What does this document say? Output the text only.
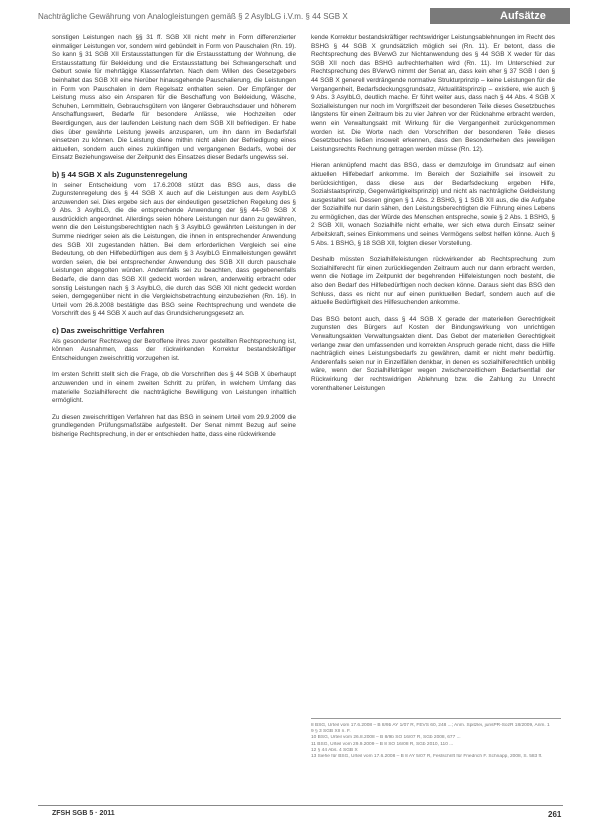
Nachträgliche Gewährung von Analogleistungen gemäß § 2 AsylbLG i.V.m. § 44 SGB X	Aufsätze

sonstigen Leistungen nach §§ 31 ff. SGB XII nicht mehr in Form differenzierter einmaliger Leistungen vor, sondern wird gebündelt in Form von Pauschalen (Rn. 19). So kann § 31 SGB XII Erstausstattungen für die Erstausstattung der Wohnung, die Erstausstattung für Bekleidung und die Erstausstattung bei Schwangerschaft und Geburt sowie für mehrtägige Klassenfahrten. Nach dem Willen des Gesetzgebers beinhaltet das SGB XII eine hierüber hinausgehende Pauschalierung, die Leistungen in Form von Pauschalen in dem Regelsatz enthalten seien. Der Empfänger der Leistung muss also ein Ansparen für die Beschaffung von Bekleidung, Wäsche, Schuhen, Lernmitteln, Gebrauchsgütern von längerer Gebrauchsdauer und höherem Anschaffungswert, Bedarfe für besondere Anlässe, wie Hochzeiten oder Beerdigungen, aus der laufenden Leistung nach dem SGB XII befriedigen. Er habe dies über gewährte Leistung jeweils anzusparen, um ihn dann im Bedarfsfall einsetzen zu können. Die Leistung diene mithin nicht allein der Befriedigung eines aktuellen, sondern auch eines zukünftigen und vergangenen Bedarfs, wobei der Einsatz Beziehungsweise der Zeitpunkt des Einsatzes dieser Bedarfs ungewiss sei.

b) § 44 SGB X als Zugunstenregelung

In seiner Entscheidung vom 17.6.2008 stützt das BSG aus, dass die Zugunstenregelung des § 44 SGB X auch auf die Leistungen aus dem AsylbLG anzuwenden sei. Dies ergebe sich aus der eindeutigen gesetzlichen Regelung des § 9 Abs. 3 AsylbLG, die die entsprechende Anwendung der §§ 44–50 SGB X ausdrücklich angeordnet. Allerdings seien höhere Leistungen nur dann zu gewähren, wenn die den Leistungsberechtigten nach § 3 AsylbLG gewährten Leistungen in der Summe niedriger seien als die Leistungen, die ihnen in entsprechender Anwendung des SGB XII zugestanden hätten. Bei dem erforderlichen Vergleich sei eine Bedeutung, ob den Hilfebedürftigen aus dem § 3 AsylbLG Einmalleistungen gewährt worden seien, die bei entsprechender Anwendung des SGB XII durch pauschale Leistungen abgegolten würden. Andernfalls sei zu beachten, dass gegebenenfalls Bedarfe, die dann das SGB XII gedeckt worden wären, anderweitig erbracht oder sonstig Leistungen nach § 3 AsylbLG, die durch das SGB XII nicht gedeckt worden seien, demgegenüber nicht in die Vergleichsbetrachtung einzubeziehen (Rn. 16). In Urteil vom 26.8.2008 bestätigte das BSG seine Rechtsprechung und wendete die Vorschrift des § 44 SGB X auch auf das Grundsicherungsgesetz an.

c) Das zweischrittige Verfahren

Als gesonderter Rechtsweg der Betroffene ihres zuvor gestellten Rechtsprechung ist, können Ausnahmen, dass der rückwirkenden Korrektur bestandskräftiger Entscheidungen zweischrittig vorzugehen ist.

Im ersten Schritt stellt sich die Frage, ob die Vorschriften des § 44 SGB X überhaupt anzuwenden und in einem zweiten Schritt zu prüfen, in welchem Umfang das materielle Sozialhilferecht die nachträgliche Bewilligung von Leistungen inhaltlich ermöglicht.

Zu diesen zweischrittigen Verfahren hat das BSG in seinem Urteil vom 29.9.2009 die grundlegenden Prüfungsmaßstäbe aufgestellt. Der Senat nimmt Bezug auf seine bisherige Rechtsprechung, in der er entschieden hatte, dass eine rückwirkende

kende Korrektur bestandskräftiger rechtswidriger Leistungsablehnungen im Recht des BSHG § 44 SGB X grundsätzlich möglich sei (Rn. 11). Er betont, dass die Rechtsprechung des BVerwG zur Nichtanwendung des § 44 SGB X weder für das SGB XII noch das BSHG aufrechterhalten wird (Rn. 11). Im Unterschied zur Rechtsprechung des BVerwG nimmt der Senat an, dass kein eher § 37 SGB I den § 44 SGB X generell verdrängende normative Strukturprinzip – keine Leistungen für die Vergangenheit, Bedarfsdeckungsgrundsatz, Aktualitätsprinzip – existiere, wie auch § 9 Abs. 3 AsylbLG, deutlich mache. Er führt weiter aus, dass nach § 44 Abs. 4 SGB X Sozialleistungen nur noch im Vorgriffszeit der besonderen Teile dieses Gesetzbuches längstens für einen Zeitraum bis zu vier Jahren vor der Rücknahme erbracht werden, wenn ein Verwaltungsakt mit Wirkung für die Vergangenheit zurückgenommen worden ist. Die Worte nach den Vorschriften der besonderen Teile dieses Gesetzbuches ließen insoweit erkennen, dass den Besonderheiten des jeweiligen Leistungsrechts Rechnung getragen werden müsse (Rn. 12).

Hieran anknüpfend macht das BSG, dass er demzufolge im Grundsatz auf einen aktuellen Hilfebedarf ankomme. Im Bereich der Sozialhilfe sei insoweit zu berücksichtigen, dass diese aus der Bedarfsdeckung ergeben Hilfe, Sozialstaatsprinzip, Gegenwärtigkeitsprinzip) und nicht als nachträgliche Geldleistung ausgestaltet sei. Dessen gingen § 1 Abs. 2 BSHG, § 1 SGB XII aus, die die Aufgabe der Sozialhilfe nur darin sähen, den Leistungsberechtigten die Führung eines Lebens zu ermöglichen, das der Würde des Menschen entspreche, sowie § 2 Abs. 1 BSHG, § 2 SGB XII, wonach Sozialhilfe nicht erhalte, wer sich etwa durch Einsatz seiner Arbeitskraft, seines Einkommens und seines Vermögens selbst helfen könne. Auch § 5 Abs. 1 BSHG, § 18 SGB XII, folgten dieser Vorstellung.

Deshalb müssten Sozialhilfeleistungen rückwirkender ab Rechtsprechung zum Sozialhilferecht für einen zurückliegenden Zeitraum auch nur dann erbracht werden, wenn die Notlage im Zeitpunkt der begehrenden Hilfeleistungen noch besteht, die also den Bedarf des Hilfebedürftigen noch decken könne. Daraus sieht das BSG den Schluss, dass es nicht nur auf einen punktuellen Bedarf, sondern auch auf die aktuelle Bedürftigkeit des Hilfesuchenden ankomme.

Das BSG betont auch, dass § 44 SGB X gerade der materiellen Gerechtigkeit zugunsten des Bürgers auf Kosten der Bindungswirkung von unrichtigen Verwaltungsakten Verwaltungsakten dient. Das Gebot der materiellen Gerechtigkeit verlange zwar den umfassenden und korrekten Anspruch gerade nicht, dass die Hilfe nachträglich eines Leistungsbedarfs zu gewähren, damit er nicht mehr bedürftig. Anderenfalls seien nur in Einzelfällen denkbar, in denen es sozialhilferechtlich unbillig wäre, wenn der Sozialhilfeträger wegen zwischenzeitlichem Bedarfsentfall der Rückwirkung der rechtswidrigen Ablehnung bzw. die Zahlung zu Unrecht vorenthaltener Leistungen

8 BSG, Urteil vom 17.6.2008 – B 8/9b AY 1/07 R, FEVS 60, 248 ...; Anm. Spitzlei, jurisPR-SozR 18/2009, Anm. 1
9 § 3 SGB XII n. F.
10 BSG, Urteil vom 26.8.2008 – B 8/9b SO 16/07 R, SGb 2008, 677 ...
11 BSG, Urteil vom 29.9.2009 – B 8 SO 16/08 R, SGb 2010, 110 ...
12 § 44 Abs. 4 SGB X
13 Siehe für BSG, Urteil vom 17.6.2008 – B 8 AY 5/07 R, Festschrift für Friedrich F. Schnapp, 2008, S. 583 ff.
ZFSH SGB 5 · 2011	261
